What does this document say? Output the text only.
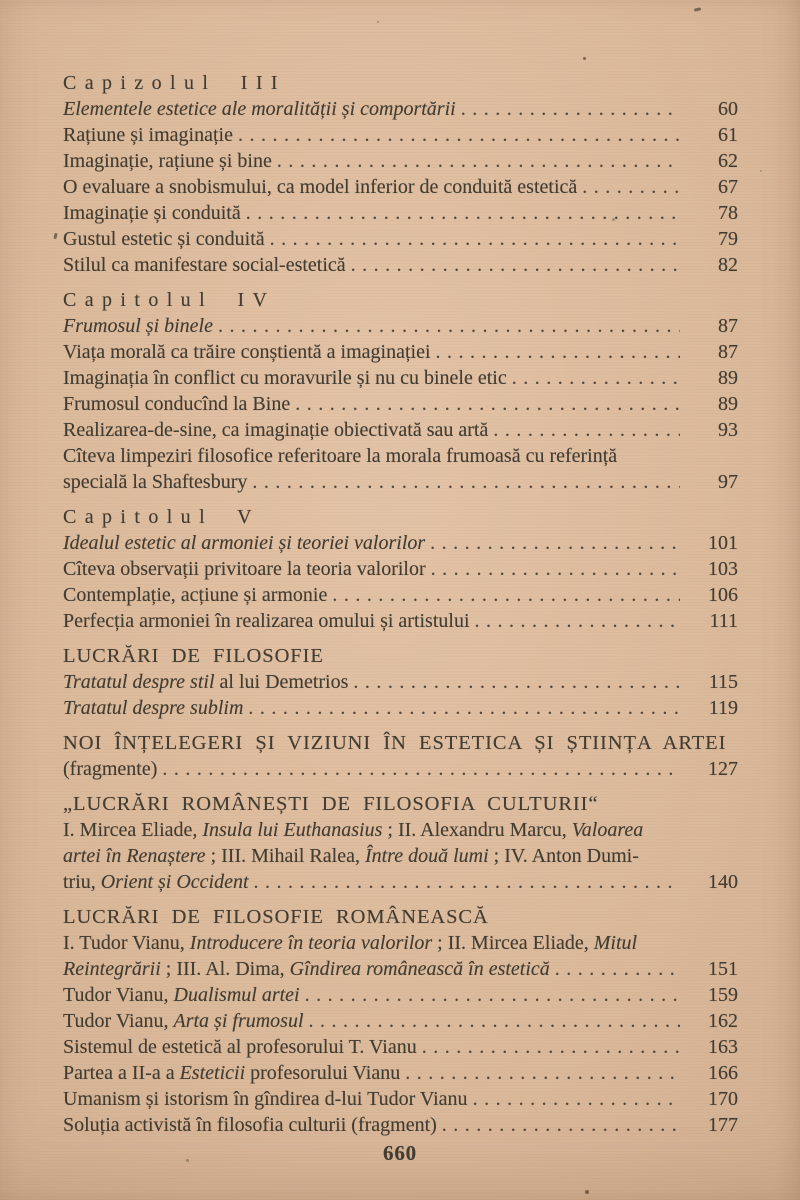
Capizolul III
Elementele estetice ale moralității și comportării .....	60
Rațiune și imaginație .....	61
Imaginație, rațiune și bine .....	62
O evaluare a snobismului, ca model inferior de conduită estetică .....	67
Imaginație și conduită .....	78
Gustul estetic și conduită .....	79
Stilul ca manifestare social-estetică .....	82
Capitolul IV
Frumosul și binele .....	87
Viața morală ca trăire conștientă a imaginației .....	87
Imaginația în conflict cu moravurile și nu cu binele etic .....	89
Frumosul conducînd la Bine .....	89
Realizarea-de-sine, ca imaginație obiectivată sau artă .....	93
Cîteva limpeziri filosofice referitoare la morala frumoasă cu referință
specială la Shaftesbury .....	97
Capitolul V
Idealul estetic al armoniei și teoriei valorilor .....	101
Cîteva observații privitoare la teoria valorilor .....	103
Contemplație, acțiune și armonie .....	106
Perfecția armoniei în realizarea omului și artistului .....	111
LUCRĂRI DE FILOSOFIE
Tratatul despre stil al lui Demetrios .....	115
Tratatul despre sublim .....	119
NOI ÎNȚELEGERI ȘI VIZIUNI ÎN ESTETICA ȘI ȘTIINȚA ARTEI
(fragmente) .....	127
„LUCRĂRI ROMÂNEȘTI DE FILOSOFIA CULTURII“
I. Mircea Eliade, Insula lui Euthanasius ; II. Alexandru Marcu, Valoarea
artei în Renaștere ; III. Mihail Ralea, Între două lumi ; IV. Anton Dumi-
triu, Orient și Occident .....	140
LUCRĂRI DE FILOSOFIE ROMÂNEASCĂ
I. Tudor Vianu, Introducere în teoria valorilor ; II. Mircea Eliade, Mitul
Reintegrării ; III. Al. Dima, Gîndirea românească în estetică .....	151
Tudor Vianu, Dualismul artei .....	159
Tudor Vianu, Arta și frumosul .....	162
Sistemul de estetică al profesorului T. Vianu .....	163
Partea a II-a a Esteticii profesorului Vianu .....	166
Umanism și istorism în gîndirea d-lui Tudor Vianu .....	170
Soluția activistă în filosofia culturii (fragment) .....	177
660
